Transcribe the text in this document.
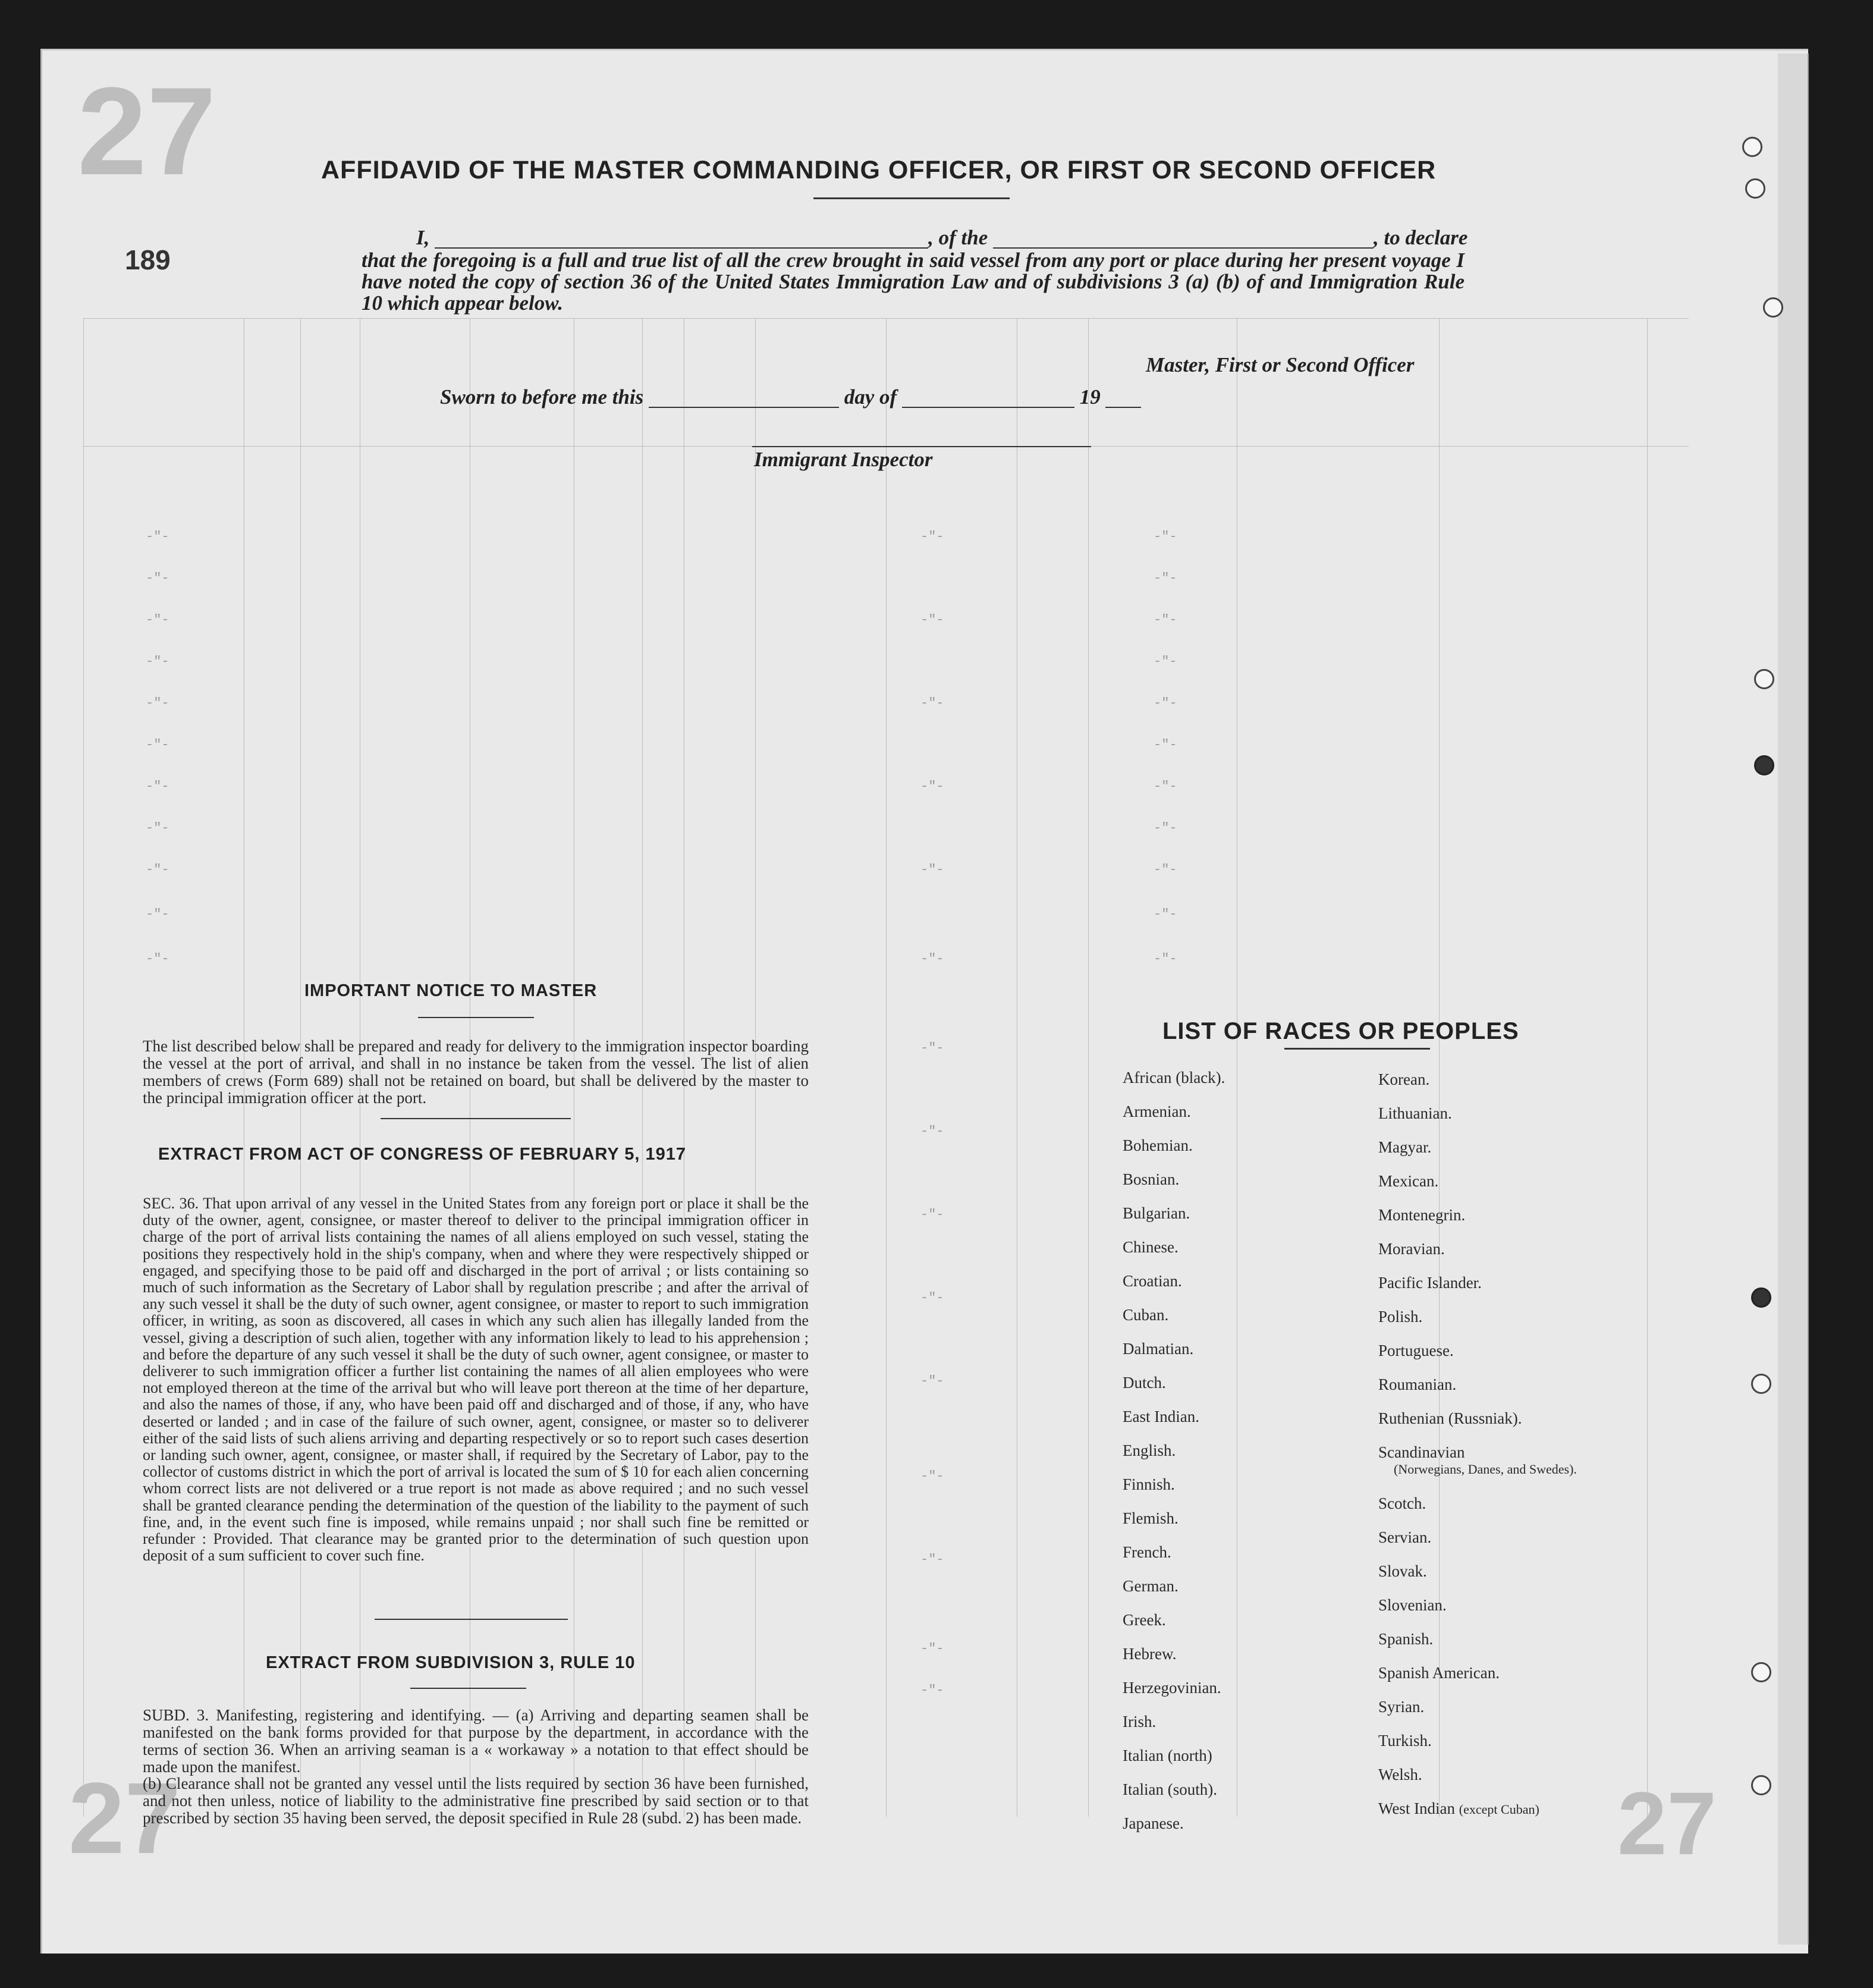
27
27	27
189
AFFIDAVID OF THE MASTER COMMANDING OFFICER, OR FIRST OR SECOND OFFICER
I,	, of the	, to declare
that the foregoing is a full and true list of all the crew brought in said vessel from any port or place during her present voyage I have noted the copy of section 36 of the United States Immigration Law and of subdivisions 3 (a) (b) of and Immigration Rule 10 which appear below.
Master, First or Second Officer
Sworn to before me this	day of	19
Immigrant Inspector
-"-
-"-
-"-
-"-
-"-
-"-
-"-
-"-
-"-
-"-
-"-
-"-
-"-
-"-
-"-
-"-
-"-
-"-
-"-
-"-
-"-
-"-
-"-
-"-
-"-
-"-
-"-
-"-
-"-
-"-
-"-
-"-
-"-
-"-
-"-
-"-
-"-
IMPORTANT NOTICE TO MASTER
The list described below shall be prepared and ready for delivery to the immigration inspector boarding the vessel at the port of arrival, and shall in no instance be taken from the vessel. The list of alien members of crews (Form 689) shall not be retained on board, but shall be delivered by the master to the principal immigration officer at the port.
EXTRACT FROM ACT OF CONGRESS OF FEBRUARY 5, 1917
SEC. 36. That upon arrival of any vessel in the United States from any foreign port or place it shall be the duty of the owner, agent, consignee, or master thereof to deliver to the principal immigration officer in charge of the port of arrival lists containing the names of all aliens employed on such vessel, stating the positions they respectively hold in the ship's company, when and where they were respectively shipped or engaged, and specifying those to be paid off and discharged in the port of arrival ; or lists containing so much of such information as the Secretary of Labor shall by regulation prescribe ; and after the arrival of any such vessel it shall be the duty of such owner, agent consignee, or master to report to such immigration officer, in writing, as soon as discovered, all cases in which any such alien has illegally landed from the vessel, giving a description of such alien, together with any information likely to lead to his apprehension ; and before the departure of any such vessel it shall be the duty of such owner, agent consignee, or master to deliverer to such immigration officer a further list containing the names of all alien employees who were not employed thereon at the time of the arrival but who will leave port thereon at the time of her departure, and also the names of those, if any, who have been paid off and discharged and of those, if any, who have deserted or landed ; and in case of the failure of such owner, agent, consignee, or master so to deliverer either of the said lists of such aliens arriving and departing respectively or so to report such cases desertion or landing such owner, agent, consignee, or master shall, if required by the Secretary of Labor, pay to the collector of customs district in which the port of arrival is located the sum of $ 10 for each alien concerning whom correct lists are not delivered or a true report is not made as above required ; and no such vessel shall be granted clearance pending the determination of the question of the liability to the payment of such fine, and, in the event such fine is imposed, while remains unpaid ; nor shall such fine be remitted or refunder : Provided. That clearance may be granted prior to the determination of such question upon deposit of a sum sufficient to cover such fine.
EXTRACT FROM SUBDIVISION 3, RULE 10
SUBD. 3. Manifesting, registering and identifying. — (a) Arriving and departing seamen shall be manifested on the bank forms provided for that purpose by the department, in accordance with the terms of section 36. When an arriving seaman is a « workaway » a notation to that effect should be made upon the manifest.
(b) Clearance shall not be granted any vessel until the lists required by section 36 have been furnished, and not then unless, notice of liability to the administrative fine prescribed by said section or to that prescribed by section 35 having been served, the deposit specified in Rule 28 (subd. 2) has been made.
LIST OF RACES OR PEOPLES
African (black).
Armenian.
Bohemian.
Bosnian.
Bulgarian.
Chinese.
Croatian.
Cuban.
Dalmatian.
Dutch.
East Indian.
English.
Finnish.
Flemish.
French.
German.
Greek.
Hebrew.
Herzegovinian.
Irish.
Italian (north)
Italian (south).
Japanese.
Korean.
Lithuanian.
Magyar.
Mexican.
Montenegrin.
Moravian.
Pacific Islander.
Polish.
Portuguese.
Roumanian.
Ruthenian (Russniak).
Scandinavian
(Norwegians, Danes, and Swedes).
Scotch.
Servian.
Slovak.
Slovenian.
Spanish.
Spanish American.
Syrian.
Turkish.
Welsh.
West Indian (except Cuban)
